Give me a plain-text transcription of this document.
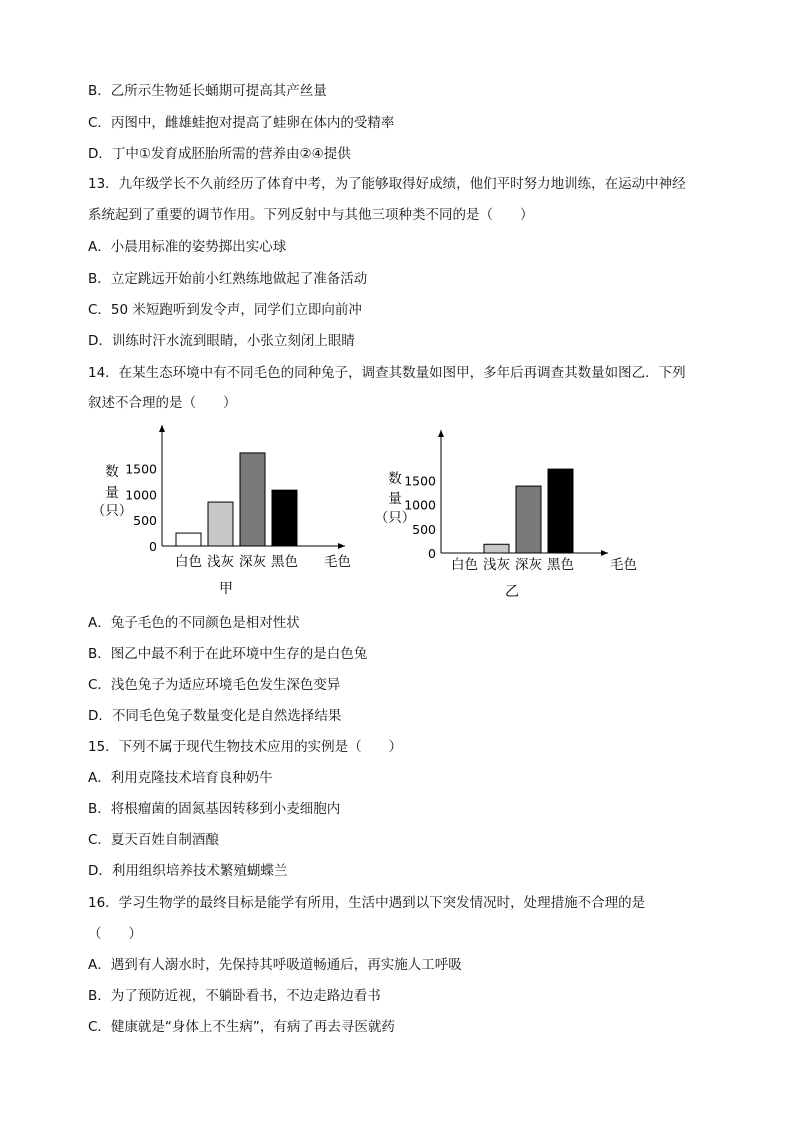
B．乙所示生物延长蛹期可提高其产丝量
C．丙图中，雌雄蛙抱对提高了蛙卵在体内的受精率
D．丁中①发育成胚胎所需的营养由②④提供
13．九年级学长不久前经历了体育中考，为了能够取得好成绩，他们平时努力地训练，在运动中神经
系统起到了重要的调节作用。下列反射中与其他三项种类不同的是（　　）
A．小晨用标准的姿势掷出实心球
B．立定跳远开始前小红熟练地做起了准备活动
C．50 米短跑听到发令声，同学们立即向前冲
D．训练时汗水流到眼睛，小张立刻闭上眼睛
14．在某生态环境中有不同毛色的同种兔子，调查其数量如图甲，多年后再调查其数量如图乙．下列
叙述不合理的是（　　）
0
500
1000
1500
数
量
（只）
白色 浅灰 深灰 黑色 毛色
甲
0
500
1000
1500
数
量
（只）
白色 浅灰 深灰 黑色	毛色
乙
A．兔子毛色的不同颜色是相对性状
B．图乙中最不利于在此环境中生存的是白色兔
C．浅色兔子为适应环境毛色发生深色变异
D．不同毛色兔子数量变化是自然选择结果
15．下列不属于现代生物技术应用的实例是（　　）
A．利用克隆技术培育良种奶牛
B．将根瘤菌的固氮基因转移到小麦细胞内
C．夏天百姓自制酒酿
D．利用组织培养技术繁殖蝴蝶兰
16．学习生物学的最终目标是能学有所用，生活中遇到以下突发情况时，处理措施不合理的是
（　　）
A．遇到有人溺水时，先保持其呼吸道畅通后，再实施人工呼吸
B．为了预防近视，不躺卧看书，不边走路边看书
C．健康就是“身体上不生病”，有病了再去寻医就药
